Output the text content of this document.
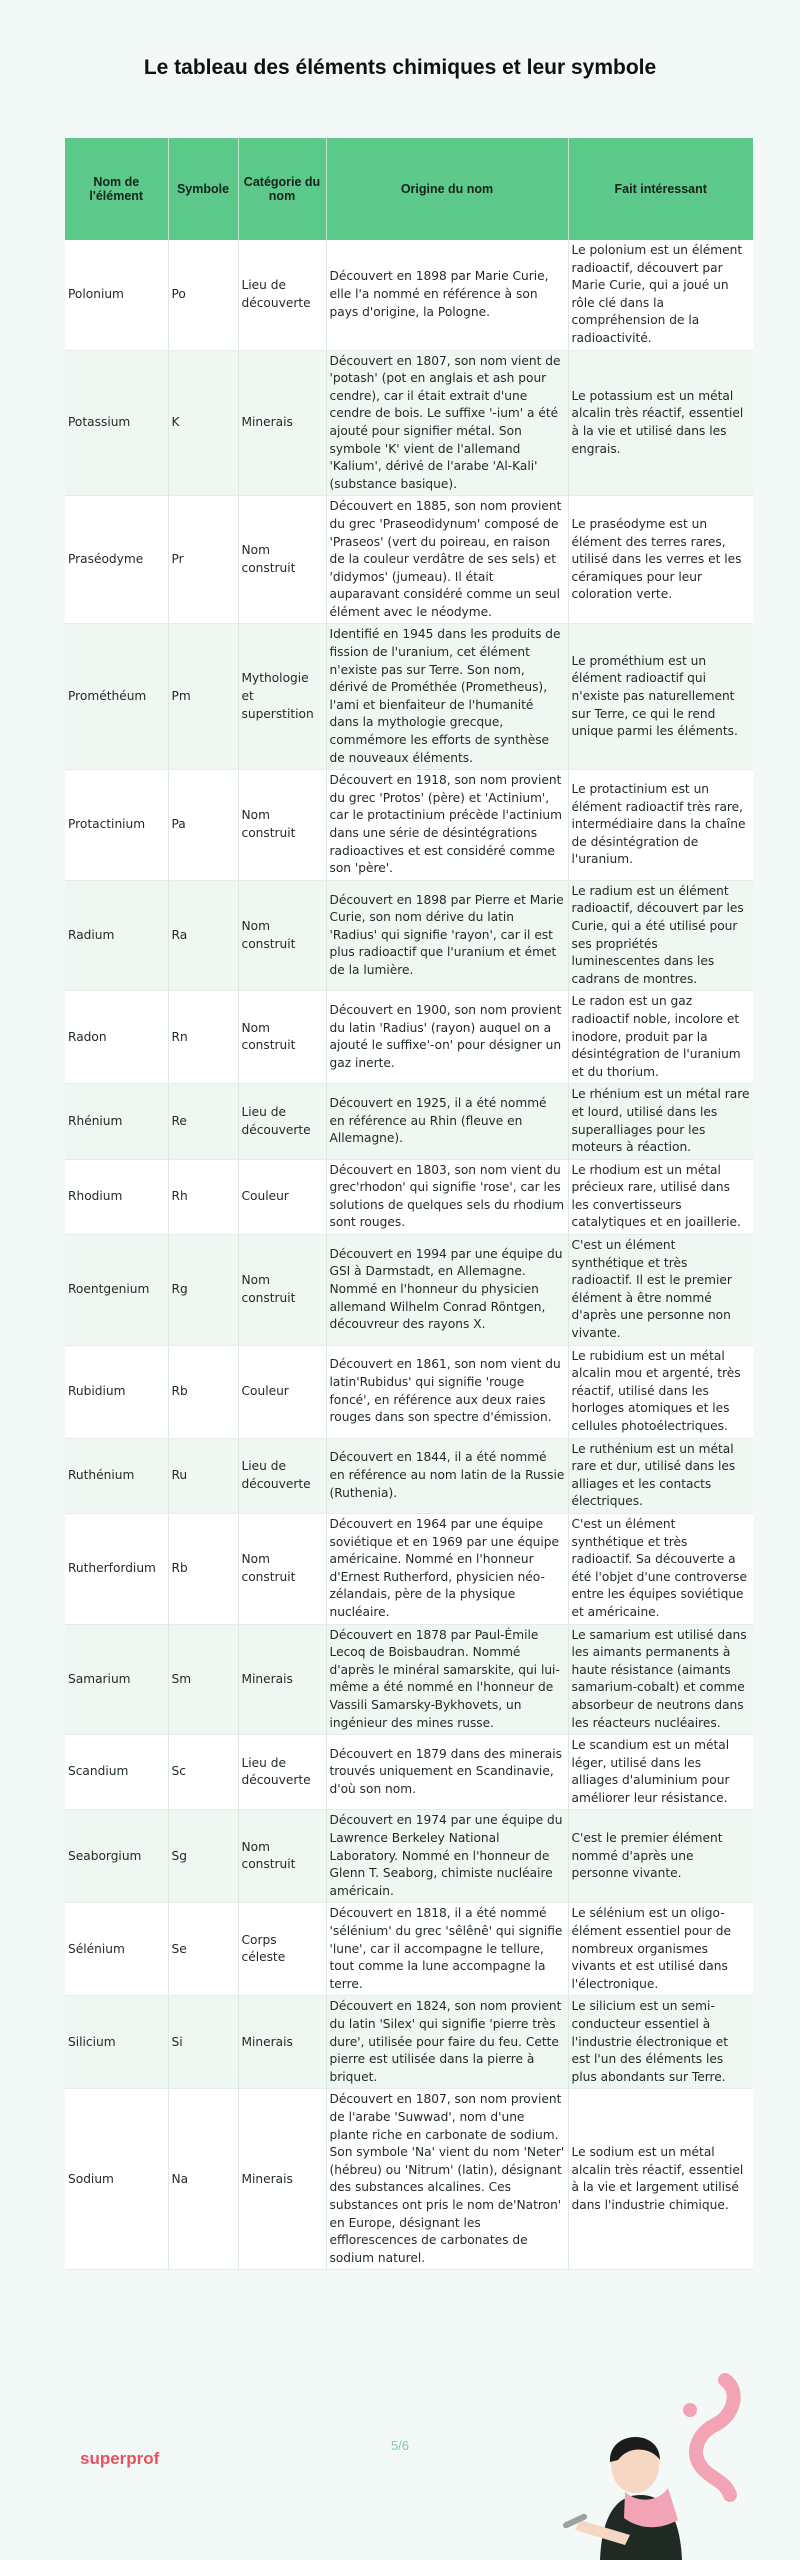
Le tableau des éléments chimiques et leur symbole
Nom de l'élément	Symbole	Catégorie du nom	Origine du nom	Fait intéressant
Polonium	Po	Lieu de découverte	Découvert en 1898 par Marie Curie, elle l'a nommé en référence à son pays d'origine, la Pologne.	Le polonium est un élément radioactif, découvert par Marie Curie, qui a joué un rôle clé dans la compréhension de la radioactivité.
Potassium	K	Minerais	Découvert en 1807, son nom vient de 'potash' (pot en anglais et ash pour cendre), car il était extrait d'une cendre de bois. Le suffixe '-ium' a été ajouté pour signifier métal. Son symbole 'K' vient de l'allemand 'Kalium', dérivé de l'arabe 'Al-Kali' (substance basique).	Le potassium est un métal alcalin très réactif, essentiel à la vie et utilisé dans les engrais.
Praséodyme	Pr	Nom construit	Découvert en 1885, son nom provient du grec 'Praseodidynum' composé de 'Praseos' (vert du poireau, en raison de la couleur verdâtre de ses sels) et 'didymos' (jumeau). Il était auparavant considéré comme un seul élément avec le néodyme.	Le praséodyme est un élément des terres rares, utilisé dans les verres et les céramiques pour leur coloration verte.
Prométhéum	Pm	Mythologie et superstition	Identifié en 1945 dans les produits de fission de l'uranium, cet élément n'existe pas sur Terre. Son nom, dérivé de Prométhée (Prometheus), l'ami et bienfaiteur de l'humanité dans la mythologie grecque, commémore les efforts de synthèse de nouveaux éléments.	Le prométhium est un élément radioactif qui n'existe pas naturellement sur Terre, ce qui le rend unique parmi les éléments.
Protactinium	Pa	Nom construit	Découvert en 1918, son nom provient du grec 'Protos' (père) et 'Actinium', car le protactinium précède l'actinium dans une série de désintégrations radioactives et est considéré comme son 'père'.	Le protactinium est un élément radioactif très rare, intermédiaire dans la chaîne de désintégration de l'uranium.
Radium	Ra	Nom construit	Découvert en 1898 par Pierre et Marie Curie, son nom dérive du latin 'Radius' qui signifie 'rayon', car il est plus radioactif que l'uranium et émet de la lumière.	Le radium est un élément radioactif, découvert par les Curie, qui a été utilisé pour ses propriétés luminescentes dans les cadrans de montres.
Radon	Rn	Nom construit	Découvert en 1900, son nom provient du latin 'Radius' (rayon) auquel on a ajouté le suffixe'-on' pour désigner un gaz inerte.	Le radon est un gaz radioactif noble, incolore et inodore, produit par la désintégration de l'uranium et du thorium.
Rhénium	Re	Lieu de découverte	Découvert en 1925, il a été nommé en référence au Rhin (fleuve en Allemagne).	Le rhénium est un métal rare et lourd, utilisé dans les superalliages pour les moteurs à réaction.
Rhodium	Rh	Couleur	Découvert en 1803, son nom vient du grec'rhodon' qui signifie 'rose', car les solutions de quelques sels du rhodium sont rouges.	Le rhodium est un métal précieux rare, utilisé dans les convertisseurs catalytiques et en joaillerie.
Roentgenium	Rg	Nom construit	Découvert en 1994 par une équipe du GSI à Darmstadt, en Allemagne. Nommé en l'honneur du physicien allemand Wilhelm Conrad Röntgen, découvreur des rayons X.	C'est un élément synthétique et très radioactif. Il est le premier élément à être nommé d'après une personne non vivante.
Rubidium	Rb	Couleur	Découvert en 1861, son nom vient du latin'Rubidus' qui signifie 'rouge foncé', en référence aux deux raies rouges dans son spectre d'émission.	Le rubidium est un métal alcalin mou et argenté, très réactif, utilisé dans les horloges atomiques et les cellules photoélectriques.
Ruthénium	Ru	Lieu de découverte	Découvert en 1844, il a été nommé en référence au nom latin de la Russie (Ruthenia).	Le ruthénium est un métal rare et dur, utilisé dans les alliages et les contacts électriques.
Rutherfordium	Rb	Nom construit	Découvert en 1964 par une équipe soviétique et en 1969 par une équipe américaine. Nommé en l'honneur d'Ernest Rutherford, physicien néo-zélandais, père de la physique nucléaire.	C'est un élément synthétique et très radioactif. Sa découverte a été l'objet d'une controverse entre les équipes soviétique et américaine.
Samarium	Sm	Minerais	Découvert en 1878 par Paul-Émile Lecoq de Boisbaudran. Nommé d'après le minéral samarskite, qui lui-même a été nommé en l'honneur de Vassili Samarsky-Bykhovets, un ingénieur des mines russe.	Le samarium est utilisé dans les aimants permanents à haute résistance (aimants samarium-cobalt) et comme absorbeur de neutrons dans les réacteurs nucléaires.
Scandium	Sc	Lieu de découverte	Découvert en 1879 dans des minerais trouvés uniquement en Scandinavie, d'où son nom.	Le scandium est un métal léger, utilisé dans les alliages d'aluminium pour améliorer leur résistance.
Seaborgium	Sg	Nom construit	Découvert en 1974 par une équipe du Lawrence Berkeley National Laboratory. Nommé en l'honneur de Glenn T. Seaborg, chimiste nucléaire américain.	C'est le premier élément nommé d'après une personne vivante.
Sélénium	Se	Corps céleste	Découvert en 1818, il a été nommé 'sélénium' du grec 'sêlênê' qui signifie 'lune', car il accompagne le tellure, tout comme la lune accompagne la terre.	Le sélénium est un oligo-élément essentiel pour de nombreux organismes vivants et est utilisé dans l'électronique.
Silicium	Si	Minerais	Découvert en 1824, son nom provient du latin 'Silex' qui signifie 'pierre très dure', utilisée pour faire du feu. Cette pierre est utilisée dans la pierre à briquet.	Le silicium est un semi-conducteur essentiel à l'industrie électronique et est l'un des éléments les plus abondants sur Terre.
Sodium	Na	Minerais	Découvert en 1807, son nom provient de l'arabe 'Suwwad', nom d'une plante riche en carbonate de sodium. Son symbole 'Na' vient du nom 'Neter' (hébreu) ou 'Nitrum' (latin), désignant des substances alcalines. Ces substances ont pris le nom de'Natron' en Europe, désignant les efflorescences de carbonates de sodium naturel.	Le sodium est un métal alcalin très réactif, essentiel à la vie et largement utilisé dans l'industrie chimique.
superprof
5/6
